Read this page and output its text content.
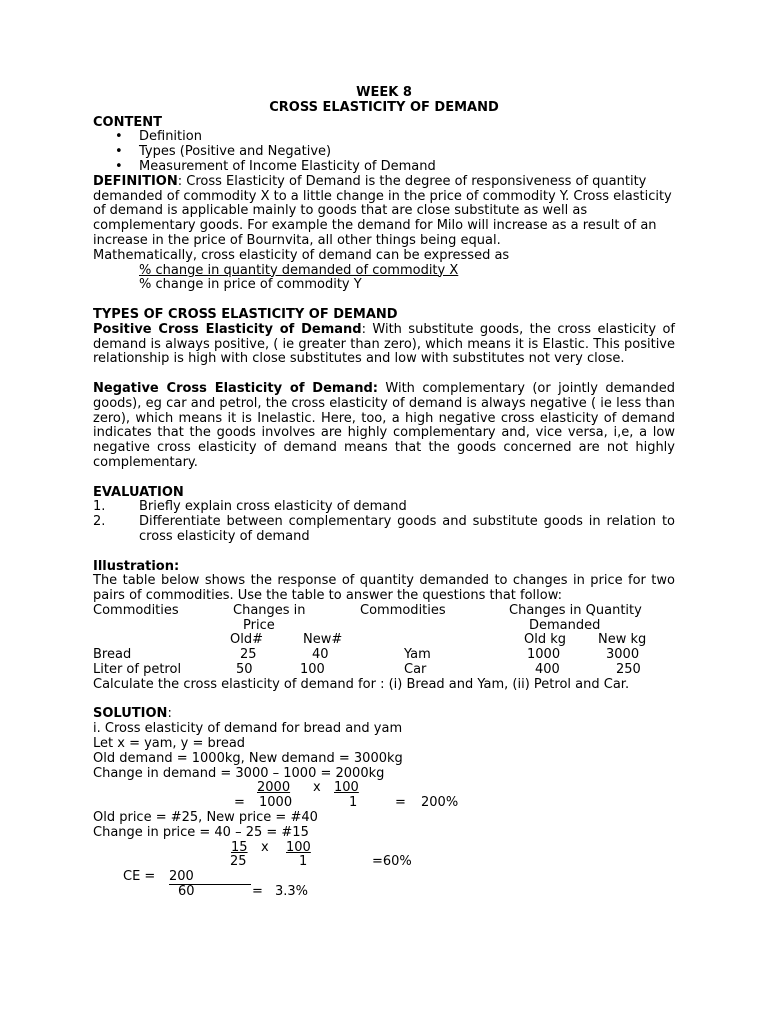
WEEK 8
CROSS ELASTICITY OF DEMAND
CONTENT
• Definition
• Types (Positive and Negative)
• Measurement of Income Elasticity of Demand
DEFINITION: Cross Elasticity of Demand is the degree of responsiveness of quantity demanded of commodity X to a little change in the price of commodity Y. Cross elasticity of demand is applicable mainly to goods that are close substitute as well as complementary goods. For example the demand for Milo will increase as a result of an increase in the price of Bournvita, all other things being equal.
Mathematically, cross elasticity of demand can be expressed as
% change in quantity demanded of commodity X
% change in price of commodity Y
TYPES OF CROSS ELASTICITY OF DEMAND
Positive Cross Elasticity of Demand: With substitute goods, the cross elasticity of demand is always positive, ( ie greater than zero), which means it is Elastic. This positive relationship is high with close substitutes and low with substitutes not very close.
Negative Cross Elasticity of Demand: With complementary (or jointly demanded goods), eg car and petrol, the cross elasticity of demand is always negative ( ie less than zero), which means it is Inelastic. Here, too, a high negative cross elasticity of demand indicates that the goods involves are highly complementary and, vice versa, i,e, a low negative cross elasticity of demand means that the goods concerned are not highly complementary.
EVALUATION
1.	Briefly explain cross elasticity of demand
2.	Differentiate between complementary goods and substitute goods in relation to cross elasticity of demand
Illustration:
The table below shows the response of quantity demanded to changes in price for two pairs of commodities. Use the table to answer the questions that follow:
Commodities	Changes in
Price
Commodities	Changes in Quantity
Demanded
Old#	New#	Old kg New kg
Bread	25	40	Yam	1000	3000
Liter of petrol	50	100	Car	400	250
Calculate the cross elasticity of demand for : (i) Bread and Yam, (ii) Petrol and Car.
SOLUTION:
i. Cross elasticity of demand for bread and yam
Let x = yam, y = bread
Old demand = 1000kg, New demand = 3000kg
Change in demand = 3000 – 1000 = 2000kg
2000 x 100
= 1000	1	= 200%
Old price = #25, New price = #40
Change in price = 40 – 25 = #15
15 x 100
25	1	=60%
CE = 200
60	= 3.3%
